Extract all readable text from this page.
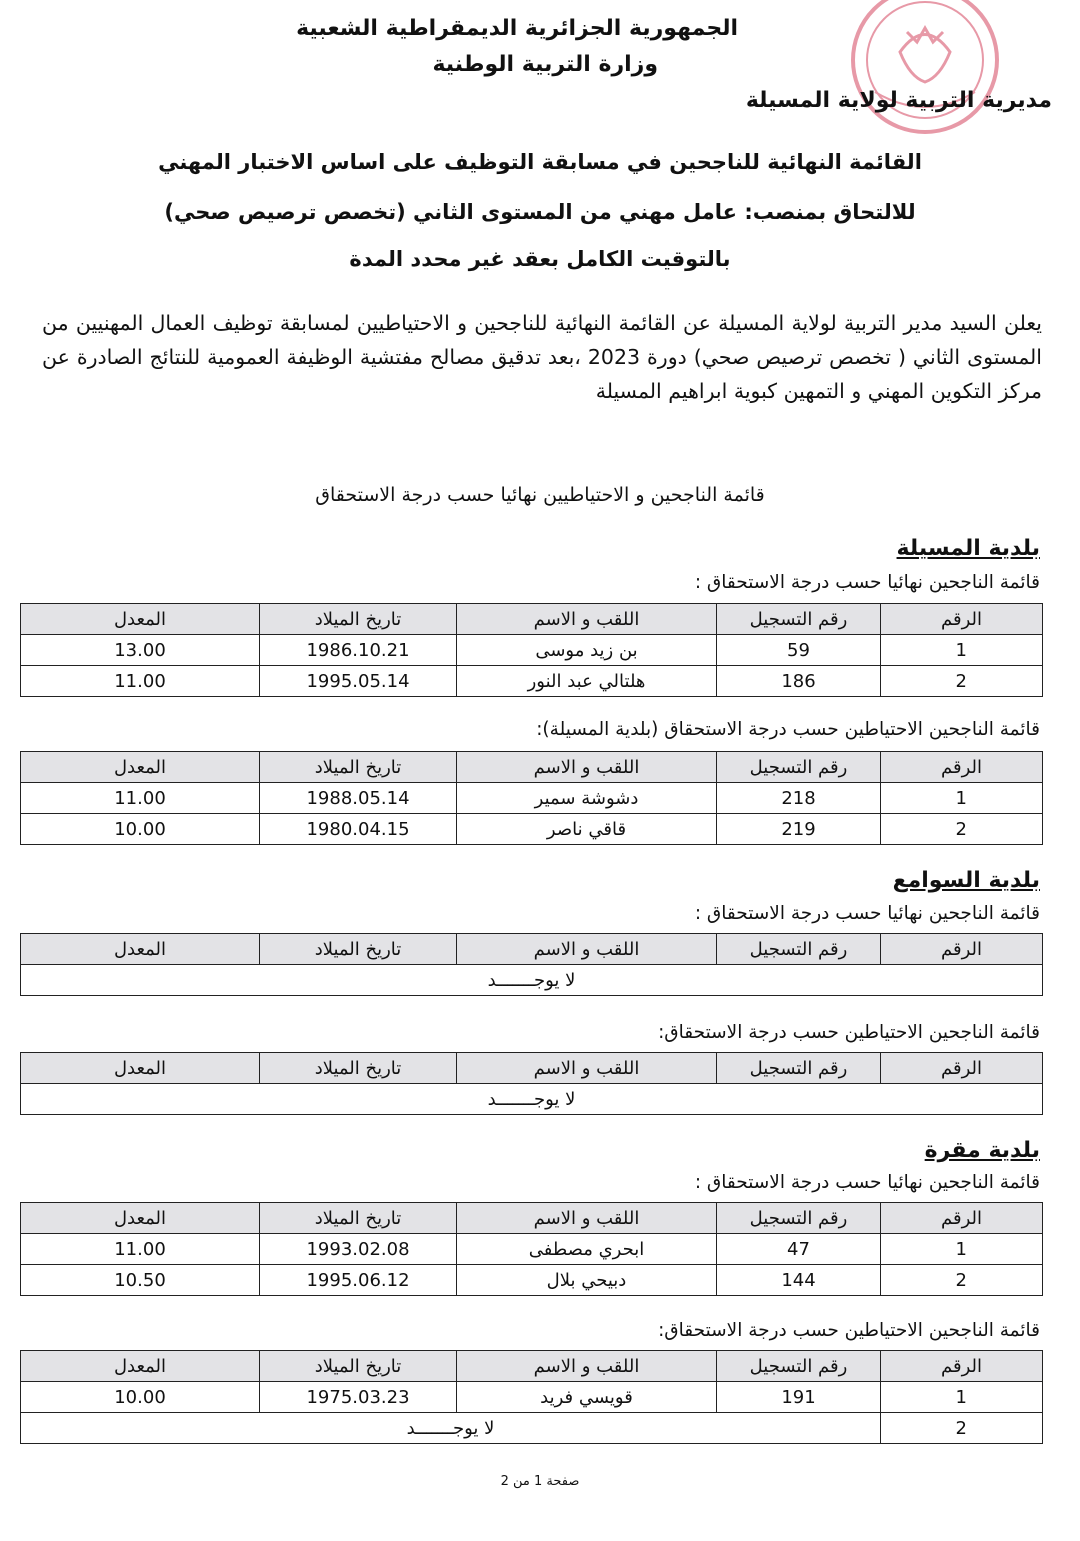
الجمهورية الجزائرية الديمقراطية الشعبية
وزارة التربية الوطنية
مديرية التربية لولاية المسيلة
القائمة النهائية للناجحين في مسابقة التوظيف على اساس الاختبار المهني
للالتحاق بمنصب: عامل مهني من المستوى الثاني (تخصص ترصيص صحي)
بالتوقيت الكامل بعقد غير محدد المدة
يعلن السيد مدير التربية لولاية المسيلة عن القائمة النهائية للناجحين و الاحتياطيين لمسابقة توظيف العمال المهنيين من المستوى الثاني ( تخصص ترصيص صحي) دورة 2023 ،بعد تدقيق مصالح مفتشية الوظيفة العمومية للنتائج الصادرة عن مركز التكوين المهني و التمهين كبوية ابراهيم المسيلة
قائمة الناجحين و الاحتياطيين نهائيا حسب درجة الاستحقاق
بلدية المسيلة
قائمة الناجحين نهائيا حسب درجة الاستحقاق :
الرقم	رقم التسجيل	اللقب و الاسم	تاريخ الميلاد	المعدل
1	59	بن زيد موسى	1986.10.21	13.00
2	186	هلتالي عبد النور	1995.05.14	11.00
قائمة الناجحين الاحتياطين حسب درجة الاستحقاق (بلدية المسيلة):
الرقم	رقم التسجيل	اللقب و الاسم	تاريخ الميلاد	المعدل
1	218	دشوشة سمير	1988.05.14	11.00
2	219	قاقي ناصر	1980.04.15	10.00
بلدية السوامع
قائمة الناجحين نهائيا حسب درجة الاستحقاق :
الرقم	رقم التسجيل	اللقب و الاسم	تاريخ الميلاد	المعدل
لا يوجـــــــد
قائمة الناجحين الاحتياطين حسب درجة الاستحقاق:
الرقم	رقم التسجيل	اللقب و الاسم	تاريخ الميلاد	المعدل
لا يوجـــــــد
بلدية مقرة
قائمة الناجحين نهائيا حسب درجة الاستحقاق :
الرقم	رقم التسجيل	اللقب و الاسم	تاريخ الميلاد	المعدل
1	47	ابحري مصطفى	1993.02.08	11.00
2	144	دبيحي بلال	1995.06.12	10.50
قائمة الناجحين الاحتياطين حسب درجة الاستحقاق:
الرقم	رقم التسجيل	اللقب و الاسم	تاريخ الميلاد	المعدل
1	191	قويسي فريد	1975.03.23	10.00
2	لا يوجـــــــد			
صفحة 1 من 2
